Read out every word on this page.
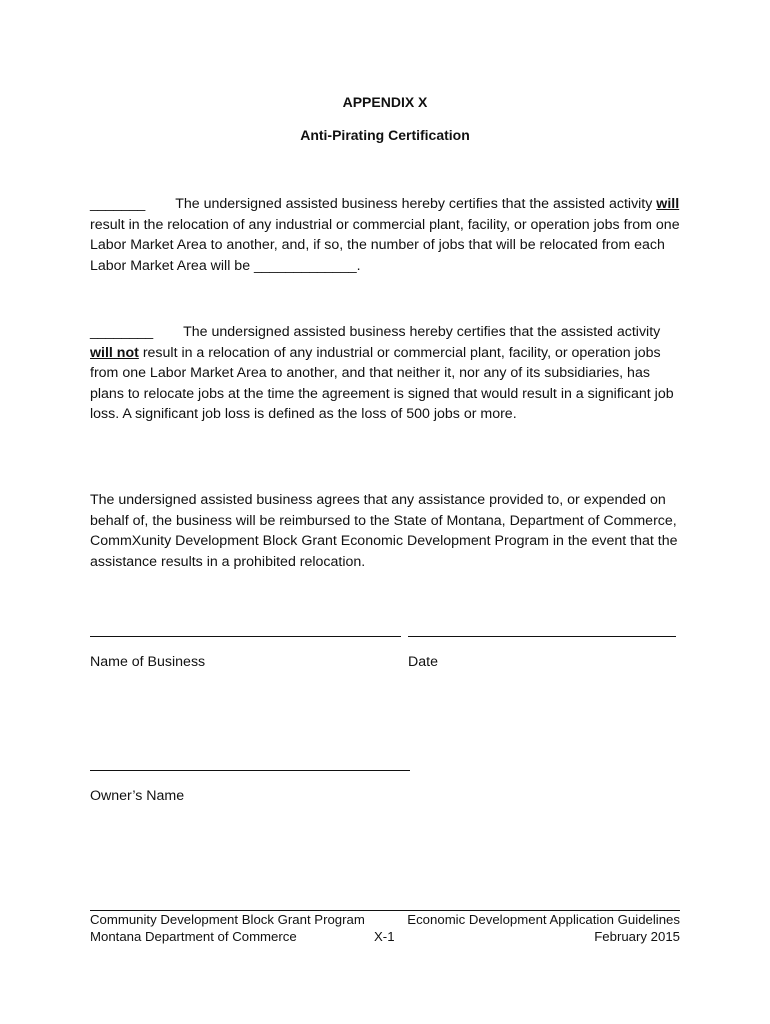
APPENDIX X

Anti-Pirating Certification

_______ The undersigned assisted business hereby certifies that the assisted activity will result in the relocation of any industrial or commercial plant, facility, or operation jobs from one Labor Market Area to another, and, if so, the number of jobs that will be relocated from each Labor Market Area will be _____________.

________ The undersigned assisted business hereby certifies that the assisted activity will not result in a relocation of any industrial or commercial plant, facility, or operation jobs from one Labor Market Area to another, and that neither it, nor any of its subsidiaries, has plans to relocate jobs at the time the agreement is signed that would result in a significant job loss. A significant job loss is defined as the loss of 500 jobs or more.

The undersigned assisted business agrees that any assistance provided to, or expended on behalf of, the business will be reimbursed to the State of Montana, Department of Commerce, CommXunity Development Block Grant Economic Development Program in the event that the assistance results in a prohibited relocation.

Name of Business	Date

Owner’s Name

Community Development Block Grant Program	Economic Development Application Guidelines
Montana Department of Commerce	X-1	February 2015
